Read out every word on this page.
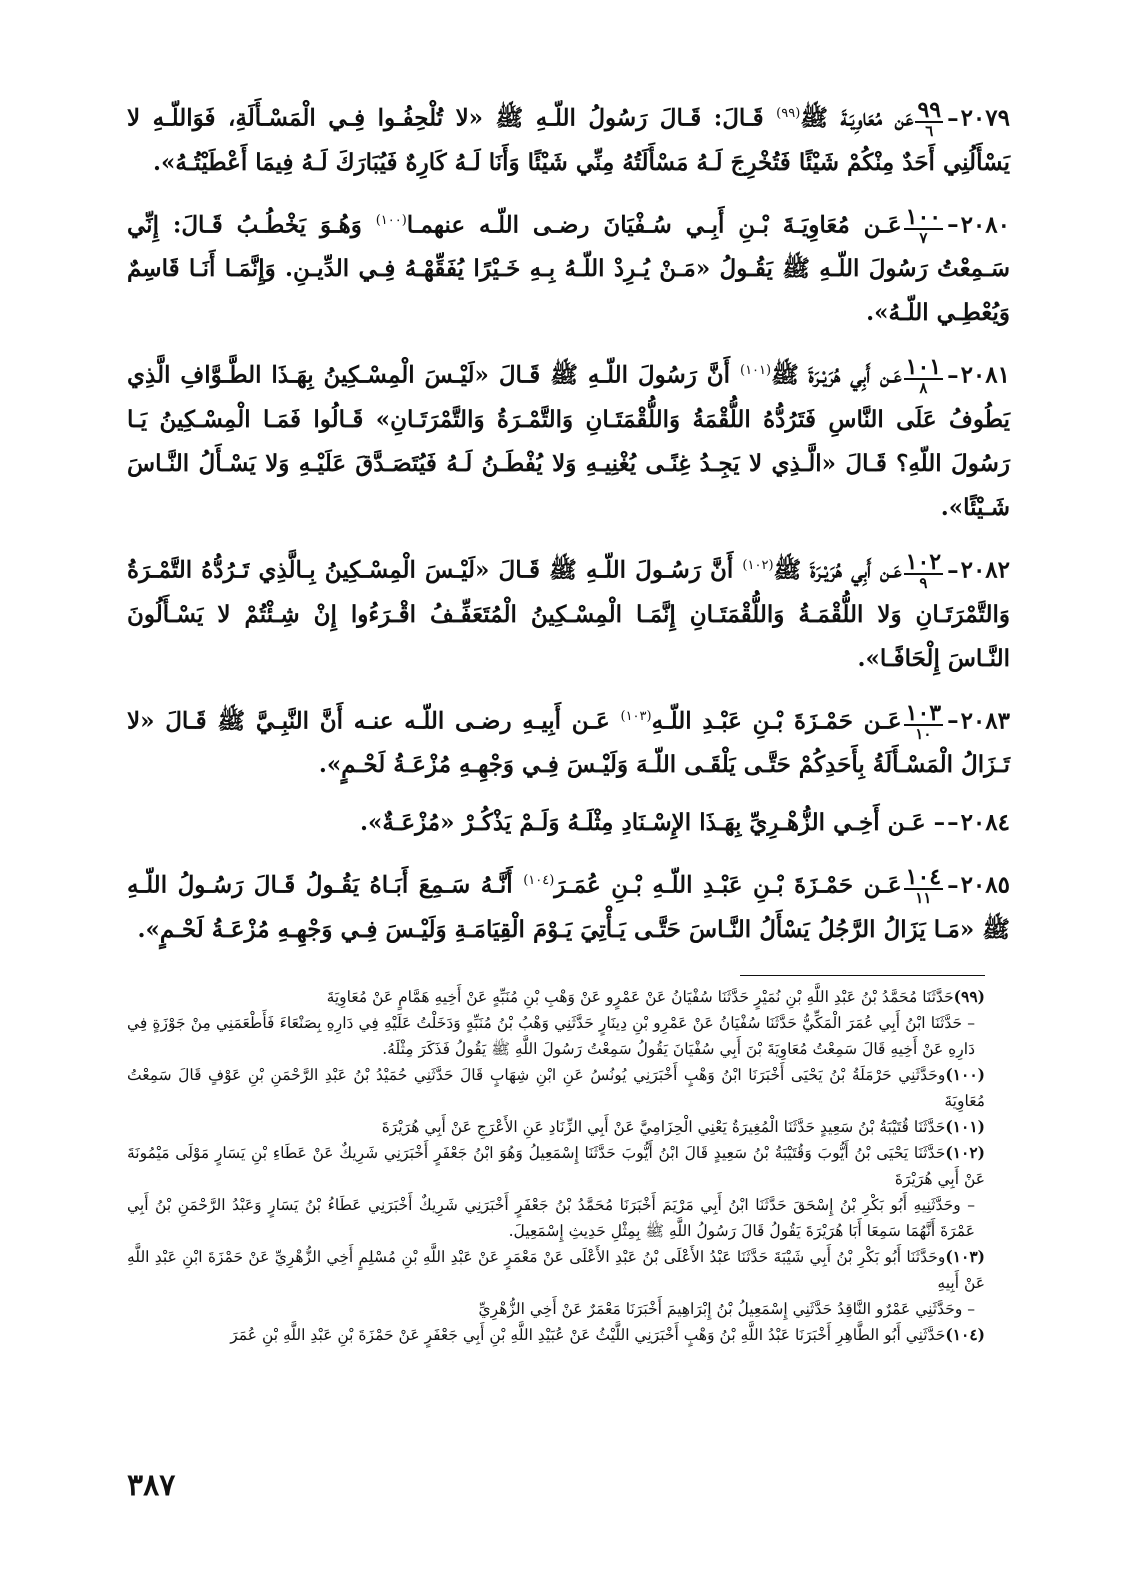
٢٠٧٩–
$\frac{٩٩}{٦}$
عَن مُعَاوِيَـةَ ﷺ$^{(٩٩)}$ قَـالَ: قَـالَ رَسُولُ اللّـهِ ﷺ «لا تُلْحِفُـوا فِـي الْمَسْـأَلَةِ، فَوَاللّـهِ لا يَسْأَلُنِي أَحَدٌ مِنْكُمْ شَيْئًا فَتُخْرِجَ لَـهُ مَسْأَلَتُهُ مِنِّي شَيْئًا وَأَنَا لَـهُ كَارِهٌ فَيُبَارَكَ لَـهُ فِيمَا أَعْطَيْتُـهُ».

٢٠٨٠–
$\frac{١٠٠}{٧}$
عَـن مُعَاوِيَـةَ بْـنِ أَبِـي سُـفْيَانَ رضـى اللّـه عنهمـا$^{(١٠٠)}$ وَهُـوَ يَخْطُـبُ قَـالَ: إِنِّي سَـمِعْتُ رَسُولَ اللّـهِ ﷺ يَقُـولُ «مَـنْ يُـرِدْ اللّـهُ بِـهِ خَـيْرًا يُفَقِّهْـهُ فِـي الدِّيـنِ. وَإِنَّمَـا أَنَـا قَاسِمٌ وَيُعْطِـي اللّـهُ».

٢٠٨١–
$\frac{١٠١}{٨}$
عَـن أَبِي هُرَيْـرَةَ ﷺ$^{(١٠١)}$ أَنَّ رَسُولَ اللّـهِ ﷺ قَـالَ «لَيْـسَ الْمِسْـكِينُ بِهَـذَا الطَّـوَّافِ الَّذِي يَطُوفُ عَلَى النَّاسِ فَتَرُدُّهُ اللُّقْمَةُ وَاللُّقْمَتَـانِ وَالتَّمْـرَةُ وَالتَّمْرَتَـانِ» قَـالُوا فَمَـا الْمِسْـكِينُ يَـا رَسُولَ اللّهِ؟ قَـالَ «الَّـذِي لا يَجِـدُ غِنًـى يُغْنِيـهِ وَلا يُفْطَـنُ لَـهُ فَيُتَصَـدَّقَ عَلَيْـهِ وَلا يَسْـأَلُ النَّـاسَ شَـيْئًا».

٢٠٨٢–
$\frac{١٠٢}{٩}$
عَـن أَبِي هُرَيْـرَةَ ﷺ$^{(١٠٢)}$ أَنَّ رَسُـولَ اللّـهِ ﷺ قَـالَ «لَيْـسَ الْمِسْـكِينُ بِـالَّذِي تَـرُدُّهُ التَّمْـرَةُ وَالتَّمْرَتَـانِ وَلا اللُّقْمَـةُ وَاللُّقْمَتَـانِ إِنَّمَـا الْمِسْـكِينُ الْمُتَعَفِّـفُ اقْـرَءُوا إِنْ شِـئْتُمْ لا يَسْـأَلُونَ النَّـاسَ إِلْحَافًـا».

٢٠٨٣–
$\frac{١٠٣}{١٠}$
عَـن حَمْـزَةَ بْـنِ عَبْـدِ اللّـهِ$^{(١٠٣)}$ عَـن أَبِيـهِ رضـى اللّـه عنـه أَنَّ النَّبِـيَّ ﷺ قَـالَ «لا تَـزَالُ الْمَسْـأَلَةُ بِأَحَدِكُمْ حَتَّـى يَلْقَـى اللّـهَ وَلَيْـسَ فِـي وَجْهِـهِ مُزْعَـةُ لَحْـمٍ».

٢٠٨٤–– عَـن أَخِـي الزُّهْـرِيِّ بِهَـذَا الإِسْـنَادِ مِثْلَـهُ وَلَـمْ يَذْكُـرْ «مُزْعَـةٌ».

٢٠٨٥–
$\frac{١٠٤}{١١}$
عَـن حَمْـزَةَ بْـنِ عَبْـدِ اللّـهِ بْـنِ عُمَـرَ$^{(١٠٤)}$ أَنَّـهُ سَـمِعَ أَبَـاهُ يَقُـولُ قَـالَ رَسُـولُ اللّـهِ ﷺ «مَـا يَزَالُ الرَّجُلُ يَسْأَلُ النَّـاسَ حَتَّـى يَـأْتِيَ يَـوْمَ الْقِيَامَـةِ وَلَيْـسَ فِـي وَجْهِـهِ مُزْعَـةُ لَحْـمٍ».

(٩٩)حَدَّثَنَا مُحَمَّدُ بْنُ عَبْدِ اللَّهِ بْنِ نُمَيْرٍ حَدَّثَنَا سُفْيَانُ عَنْ عَمْرٍو عَنْ وَهْبِ بْنِ مُنَبِّهٍ عَنْ أَخِيهِ هَمَّامٍ عَنْ مُعَاوِيَةَ

– حَدَّثَنَا ابْنُ أَبِي عُمَرَ الْمَكِّيُّ حَدَّثَنَا سُفْيَانُ عَنْ عَمْرِو بْنِ دِينَارٍ حَدَّثَنِي وَهْبُ بْنُ مُنَبِّهٍ وَدَخَلْتُ عَلَيْهِ فِي دَارِهِ بِصَنْعَاءَ فَأَطْعَمَنِي مِنْ جَوْزَةٍ فِي دَارِهِ عَنْ أَخِيهِ قَالَ سَمِعْتُ مُعَاوِيَةَ بْنَ أَبِي سُفْيَانَ يَقُولُ سَمِعْتُ رَسُولَ اللَّهِ ﷺ يَقُولُ فَذَكَرَ مِثْلَهُ.

(١٠٠)وحَدَّثَنِي حَرْمَلَةُ بْنُ يَحْيَى أَخْبَرَنَا ابْنُ وَهْبٍ أَخْبَرَنِي يُونُسُ عَنِ ابْنِ شِهَابٍ قَالَ حَدَّثَنِي حُمَيْدُ بْنُ عَبْدِ الرَّحْمَنِ بْنِ عَوْفٍ قَالَ سَمِعْتُ مُعَاوِيَةَ

(١٠١)حَدَّثَنَا قُتَيْبَةُ بْنُ سَعِيدٍ حَدَّثَنَا الْمُغِيرَةُ يَعْنِي الْحِزَامِيَّ عَنْ أَبِي الزِّنَادِ عَنِ الأَعْرَجِ عَنْ أَبِي هُرَيْرَةَ

(١٠٢)حَدَّثَنَا يَحْيَى بْنُ أَيُّوبَ وَقُتَيْبَةُ بْنُ سَعِيدٍ قَالَ ابْنُ أَيُّوبَ حَدَّثَنَا إِسْمَعِيلُ وَهُوَ ابْنُ جَعْفَرٍ أَخْبَرَنِي شَرِيكٌ عَنْ عَطَاءِ بْنِ يَسَارٍ مَوْلَى مَيْمُونَةَ عَنْ أَبِي هُرَيْرَةَ

– وحَدَّثَنِيهِ أَبُو بَكْرِ بْنُ إِسْحَقَ حَدَّثَنَا ابْنُ أَبِي مَرْيَمَ أَخْبَرَنَا مُحَمَّدُ بْنُ جَعْفَرٍ أَخْبَرَنِي شَرِيكٌ أَخْبَرَنِي عَطَاءُ بْنُ يَسَارٍ وَعَبْدُ الرَّحْمَنِ بْنُ أَبِي عَمْرَةَ أَنَّهُمَا سَمِعَا أَبَا هُرَيْرَةَ يَقُولُ قَالَ رَسُولُ اللَّهِ ﷺ بِمِثْلِ حَدِيثِ إِسْمَعِيلَ.

(١٠٣)وحَدَّثَنَا أَبُو بَكْرِ بْنُ أَبِي شَيْبَةَ حَدَّثَنَا عَبْدُ الأَعْلَى بْنُ عَبْدِ الأَعْلَى عَنْ مَعْمَرٍ عَنْ عَبْدِ اللَّهِ بْنِ مُسْلِمٍ أَخِي الزُّهْرِيِّ عَنْ حَمْزَةَ ابْنِ عَبْدِ اللَّهِ عَنْ أَبِيهِ

– وحَدَّثَنِي عَمْرٌو النَّاقِدُ حَدَّثَنِي إِسْمَعِيلُ بْنُ إِبْرَاهِيمَ أَخْبَرَنَا مَعْمَرٌ عَنْ أَخِي الزُّهْرِيِّ

(١٠٤)حَدَّثَنِي أَبُو الطَّاهِرِ أَخْبَرَنَا عَبْدُ اللَّهِ بْنُ وَهْبٍ أَخْبَرَنِي اللَّيْثُ عَنْ عُبَيْدِ اللَّهِ بْنِ أَبِي جَعْفَرٍ عَنْ حَمْزَةَ بْنِ عَبْدِ اللَّهِ بْنِ عُمَرَ

٣٨٧
